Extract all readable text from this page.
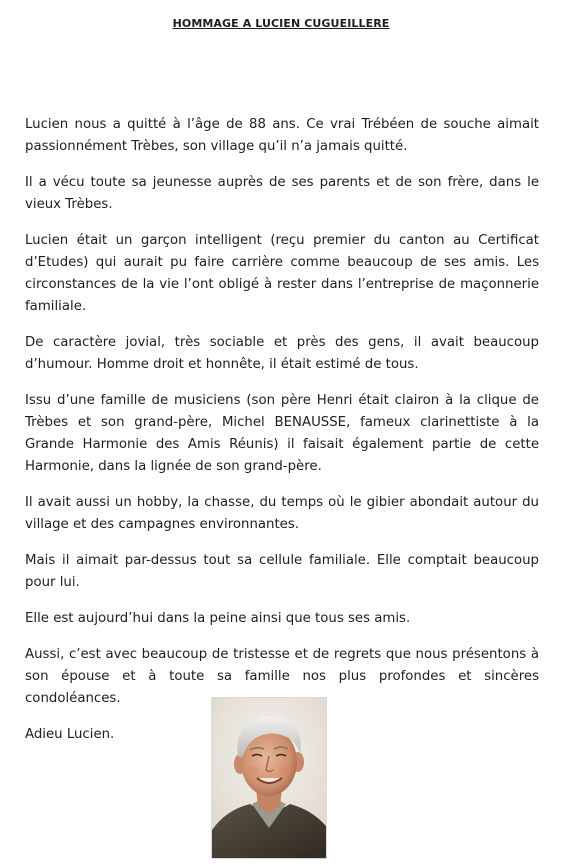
HOMMAGE A LUCIEN CUGUEILLERE

Lucien nous a quitté à l’âge de 88 ans. Ce vrai Trébéen de souche aimait passionnément Trèbes, son village qu’il n’a jamais quitté.

Il a vécu toute sa jeunesse auprès de ses parents et de son frère, dans le vieux Trèbes.

Lucien était un garçon intelligent (reçu premier du canton au Certificat d’Etudes) qui aurait pu faire carrière comme beaucoup de ses amis. Les circonstances de la vie l’ont obligé à rester dans l’entreprise de maçonnerie familiale.

De caractère jovial, très sociable et près des gens, il avait beaucoup d’humour. Homme droit et honnête, il était estimé de tous.

Issu d’une famille de musiciens (son père Henri était clairon à la clique de Trèbes et son grand-père, Michel BENAUSSE, fameux clarinettiste à la Grande Harmonie des Amis Réunis) il faisait également partie de cette Harmonie, dans la lignée de son grand-père.

Il avait aussi un hobby, la chasse, du temps où le gibier abondait autour du village et des campagnes environnantes.

Mais il aimait par-dessus tout sa cellule familiale. Elle comptait beaucoup pour lui.

Elle est aujourd’hui dans la peine ainsi que tous ses amis.

Aussi, c’est avec beaucoup de tristesse et de regrets que nous présentons à son épouse et à toute sa famille nos plus profondes et sincères condoléances.

Adieu Lucien.
